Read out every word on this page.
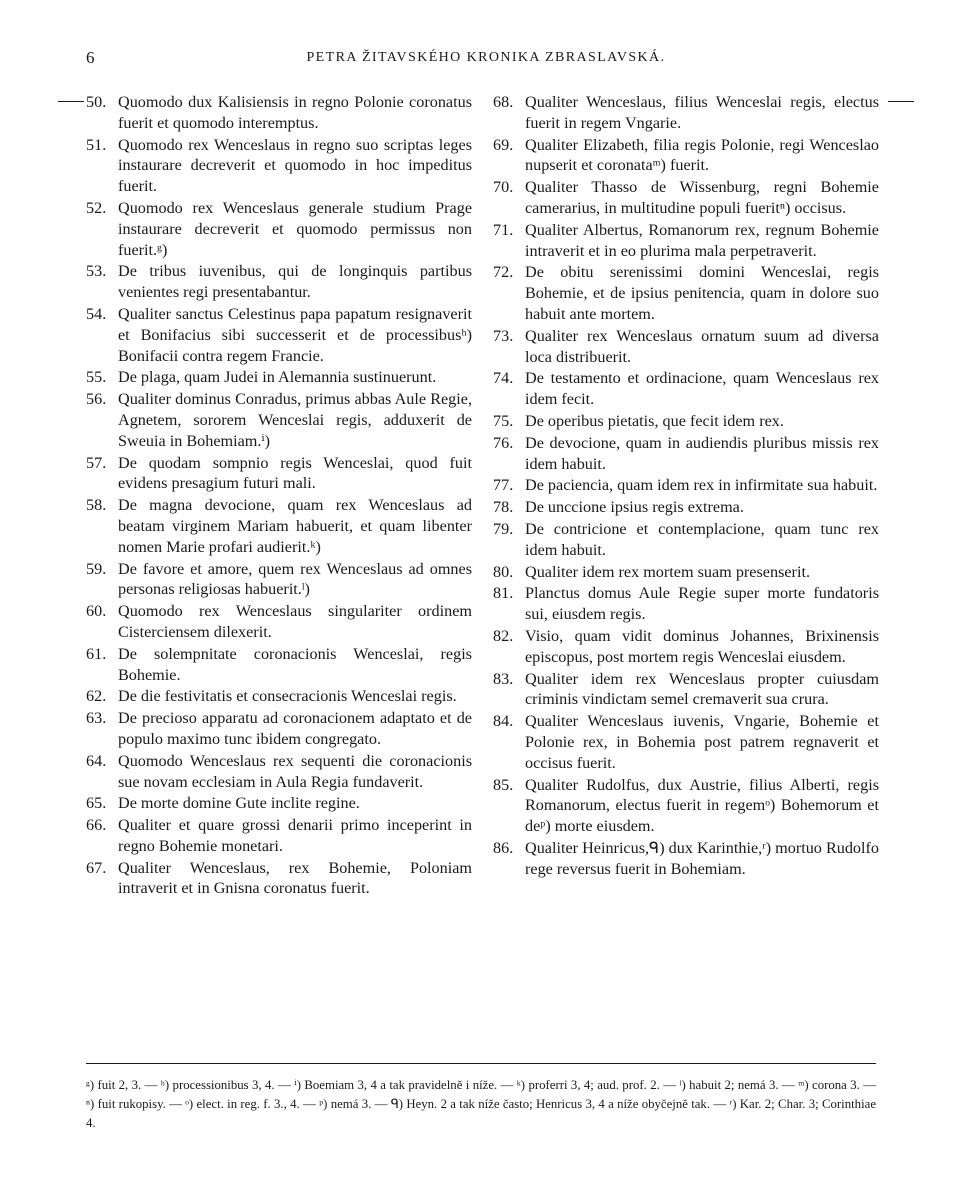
6	PETRA ŽITAVSKÉHO KRONIKA ZBRASLAVSKÁ.
50. Quomodo dux Kalisiensis in regno Polonie coronatus fuerit et quomodo interemptus.
51. Quomodo rex Wenceslaus in regno suo scriptas leges instaurare decreverit et quomodo in hoc impeditus fuerit.
52. Quomodo rex Wenceslaus generale studium Prage instaurare decreverit et quomodo permissus non fuerit.ᵍ)
53. De tribus iuvenibus, qui de longinquis partibus venientes regi presentabantur.
54. Qualiter sanctus Celestinus papa papatum resignaverit et Bonifacius sibi successerit et de processibusʰ) Bonifacii contra regem Francie.
55. De plaga, quam Judei in Alemannia sustinuerunt.
56. Qualiter dominus Conradus, primus abbas Aule Regie, Agnetem, sororem Wenceslai regis, adduxerit de Sweuia in Bohemiam.ⁱ)
57. De quodam sompnio regis Wenceslai, quod fuit evidens presagium futuri mali.
58. De magna devocione, quam rex Wenceslaus ad beatam virginem Mariam habuerit, et quam libenter nomen Marie profari audierit.ᵏ)
59. De favore et amore, quem rex Wenceslaus ad omnes personas religiosas habuerit.ˡ)
60. Quomodo rex Wenceslaus singulariter ordinem Cisterciensem dilexerit.
61. De solempnitate coronacionis Wenceslai, regis Bohemie.
62. De die festivitatis et consecracionis Wenceslai regis.
63. De precioso apparatu ad coronacionem adaptato et de populo maximo tunc ibidem congregato.
64. Quomodo Wenceslaus rex sequenti die coronacionis sue novam ecclesiam in Aula Regia fundaverit.
65. De morte domine Gute inclite regine.
66. Qualiter et quare grossi denarii primo inceperint in regno Bohemie monetari.
67. Qualiter Wenceslaus, rex Bohemie, Poloniam intraverit et in Gnisna coronatus fuerit.
68. Qualiter Wenceslaus, filius Wenceslai regis, electus fuerit in regem Vngarie.
69. Qualiter Elizabeth, filia regis Polonie, regi Wenceslao nupserit et coronataᵐ) fuerit.
70. Qualiter Thasso de Wissenburg, regni Bohemie camerarius, in multitudine populi fueritⁿ) occisus.
71. Qualiter Albertus, Romanorum rex, regnum Bohemie intraverit et in eo plurima mala perpetraverit.
72. De obitu serenissimi domini Wenceslai, regis Bohemie, et de ipsius penitencia, quam in dolore suo habuit ante mortem.
73. Qualiter rex Wenceslaus ornatum suum ad diversa loca distribuerit.
74. De testamento et ordinacione, quam Wenceslaus rex idem fecit.
75. De operibus pietatis, que fecit idem rex.
76. De devocione, quam in audiendis pluribus missis rex idem habuit.
77. De paciencia, quam idem rex in infirmitate sua habuit.
78. De unccione ipsius regis extrema.
79. De contricione et contemplacione, quam tunc rex idem habuit.
80. Qualiter idem rex mortem suam presenserit.
81. Planctus domus Aule Regie super morte fundatoris sui, eiusdem regis.
82. Visio, quam vidit dominus Johannes, Brixinensis episcopus, post mortem regis Wenceslai eiusdem.
83. Qualiter idem rex Wenceslaus propter cuiusdam criminis vindictam semel cremaverit sua crura.
84. Qualiter Wenceslaus iuvenis, Vngarie, Bohemie et Polonie rex, in Bohemia post patrem regnaverit et occisus fuerit.
85. Qualiter Rudolfus, dux Austrie, filius Alberti, regis Romanorum, electus fuerit in regemᵒ) Bohemorum et deᵖ) morte eiusdem.
86. Qualiter Heinricus,ᑫ) dux Karinthie,ʳ) mortuo Rudolfo rege reversus fuerit in Bohemiam.
ᵍ) fuit 2, 3. — ʰ) processionibus 3, 4. — ⁱ) Boemiam 3, 4 a tak pravidelně i níže. — ᵏ) proferri 3, 4; aud. prof. 2. — ˡ) habuit 2; nemá 3. — ᵐ) corona 3. — ⁿ) fuit rukopisy. — ᵒ) elect. in reg. f. 3., 4. — ᵖ) nemá 3. — ᑫ) Heyn. 2 a tak níže často; Henricus 3, 4 a níže obyčejně tak. — ʳ) Kar. 2; Char. 3; Corinthiae 4.
